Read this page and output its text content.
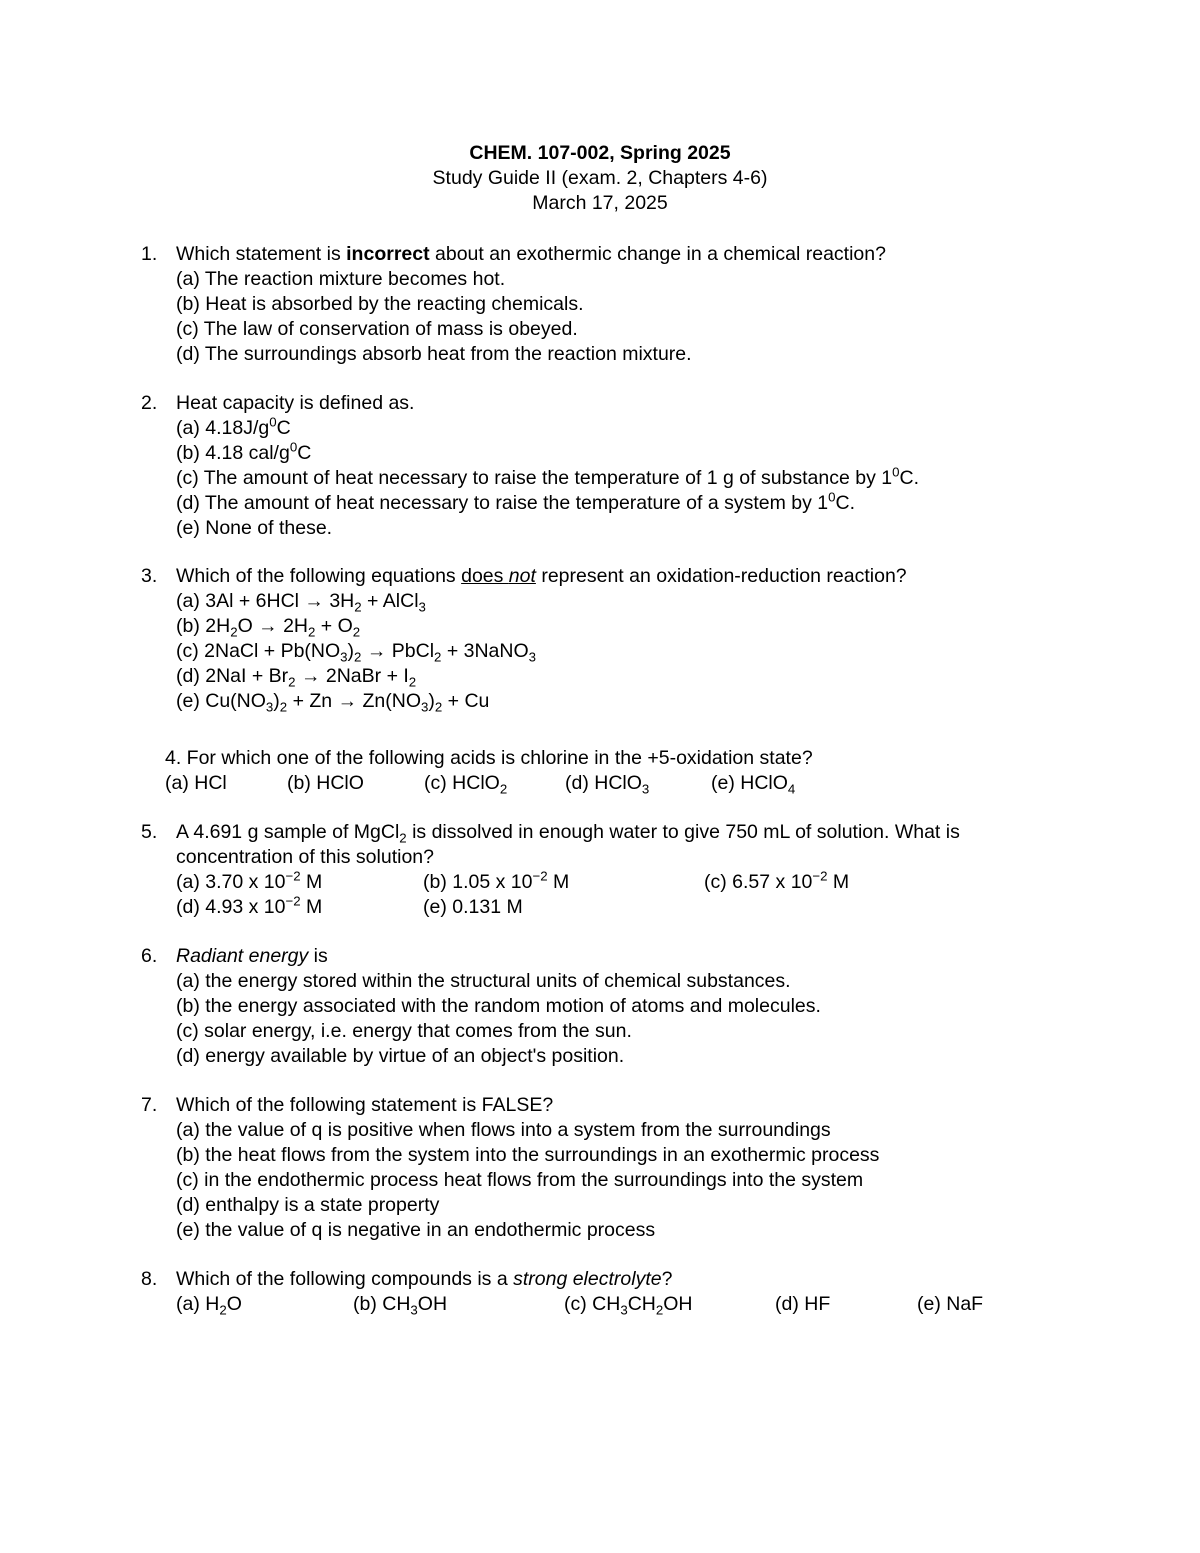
CHEM. 107-002, Spring 2025
Study Guide II (exam. 2, Chapters 4-6)
March 17, 2025
1. Which statement is incorrect about an exothermic change in a chemical reaction?
(a) The reaction mixture becomes hot.
(b) Heat is absorbed by the reacting chemicals.
(c) The law of conservation of mass is obeyed.
(d) The surroundings absorb heat from the reaction mixture.
2. Heat capacity is defined as.
(a) $4.18J/g^0C$
(b) 4.18 cal/$g^0C$
(c) The amount of heat necessary to raise the temperature of 1 g of substance by $1^0C$.
(d) The amount of heat necessary to raise the temperature of a system by $1^0C$.
(e) None of these.
3. Which of the following equations does not represent an oxidation-reduction reaction?
(a) $3Al + 6HCl \to 3H_2$ + AlCl$_3$
(b) $2H_2O \to 2H_2 + O_2$
(c) 2NaCl + $Pb(NO_3)_2$ → PbCl$_2$ + 3NaNO$_3$
(d) $2NaI + Br_2$ → 2NaBr + $I_2$
(e) $Cu(NO_3)_2 + Zn \to Zn(NO_3)_2 + Cu$
4. For which one of the following acids is chlorine in the +5-oxidation state?
(a) HCl	(b) HClO	(c) HClO$_2$	(d) HClO$_3$	(e) HClO$_4$
5. A 4.691 g sample of MgCl$_2$ is dissolved in enough water to give 750 mL of solution. What is
concentration of this solution?
(a) 3.70 x $10^{-2}$ M	(b) 1.05 x $10^{-2}$ M	(c) 6.57 x $10^{-2}$ M
(d) 4.93 x $10^{-2}$ M	(e) 0.131 M
6. Radiant energy is
(a) the energy stored within the structural units of chemical substances.
(b) the energy associated with the random motion of atoms and molecules.
(c) solar energy, i.e. energy that comes from the sun.
(d) energy available by virtue of an object's position.
7. Which of the following statement is FALSE?
(a) the value of q is positive when flows into a system from the surroundings
(b) the heat flows from the system into the surroundings in an exothermic process
(c) in the endothermic process heat flows from the surroundings into the system
(d) enthalpy is a state property
(e) the value of q is negative in an endothermic process
8. Which of the following compounds is a strong electrolyte?
(a) $H_2O$	(b) $CH_3OH$	(c) $CH_3CH_2OH$	(d) HF	(e) NaF
